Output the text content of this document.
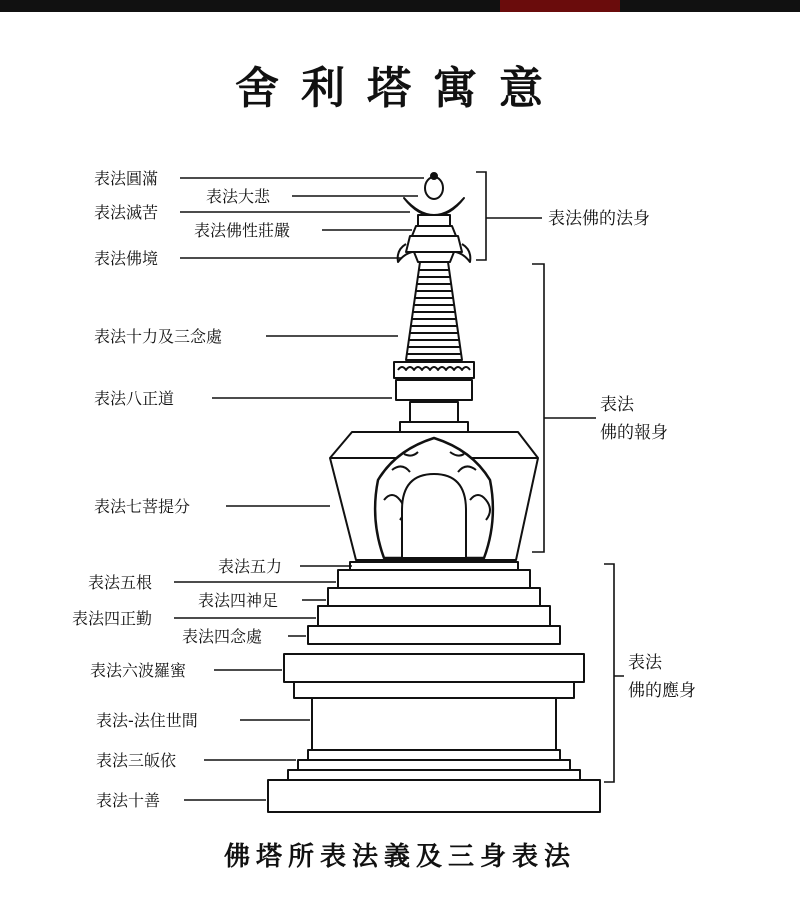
舍利塔寓意
表法圓滿
表法大悲
表法滅苦
表法佛性莊嚴
表法佛境
表法十力及三念處
表法八正道
表法七菩提分
表法五力
表法五根
表法四神足
表法四正勤
表法四念處
表法六波羅蜜
表法-法住世間
表法三皈依
表法十善
表法佛的法身
表法
佛的報身
表法
佛的應身
佛塔所表法義及三身表法
